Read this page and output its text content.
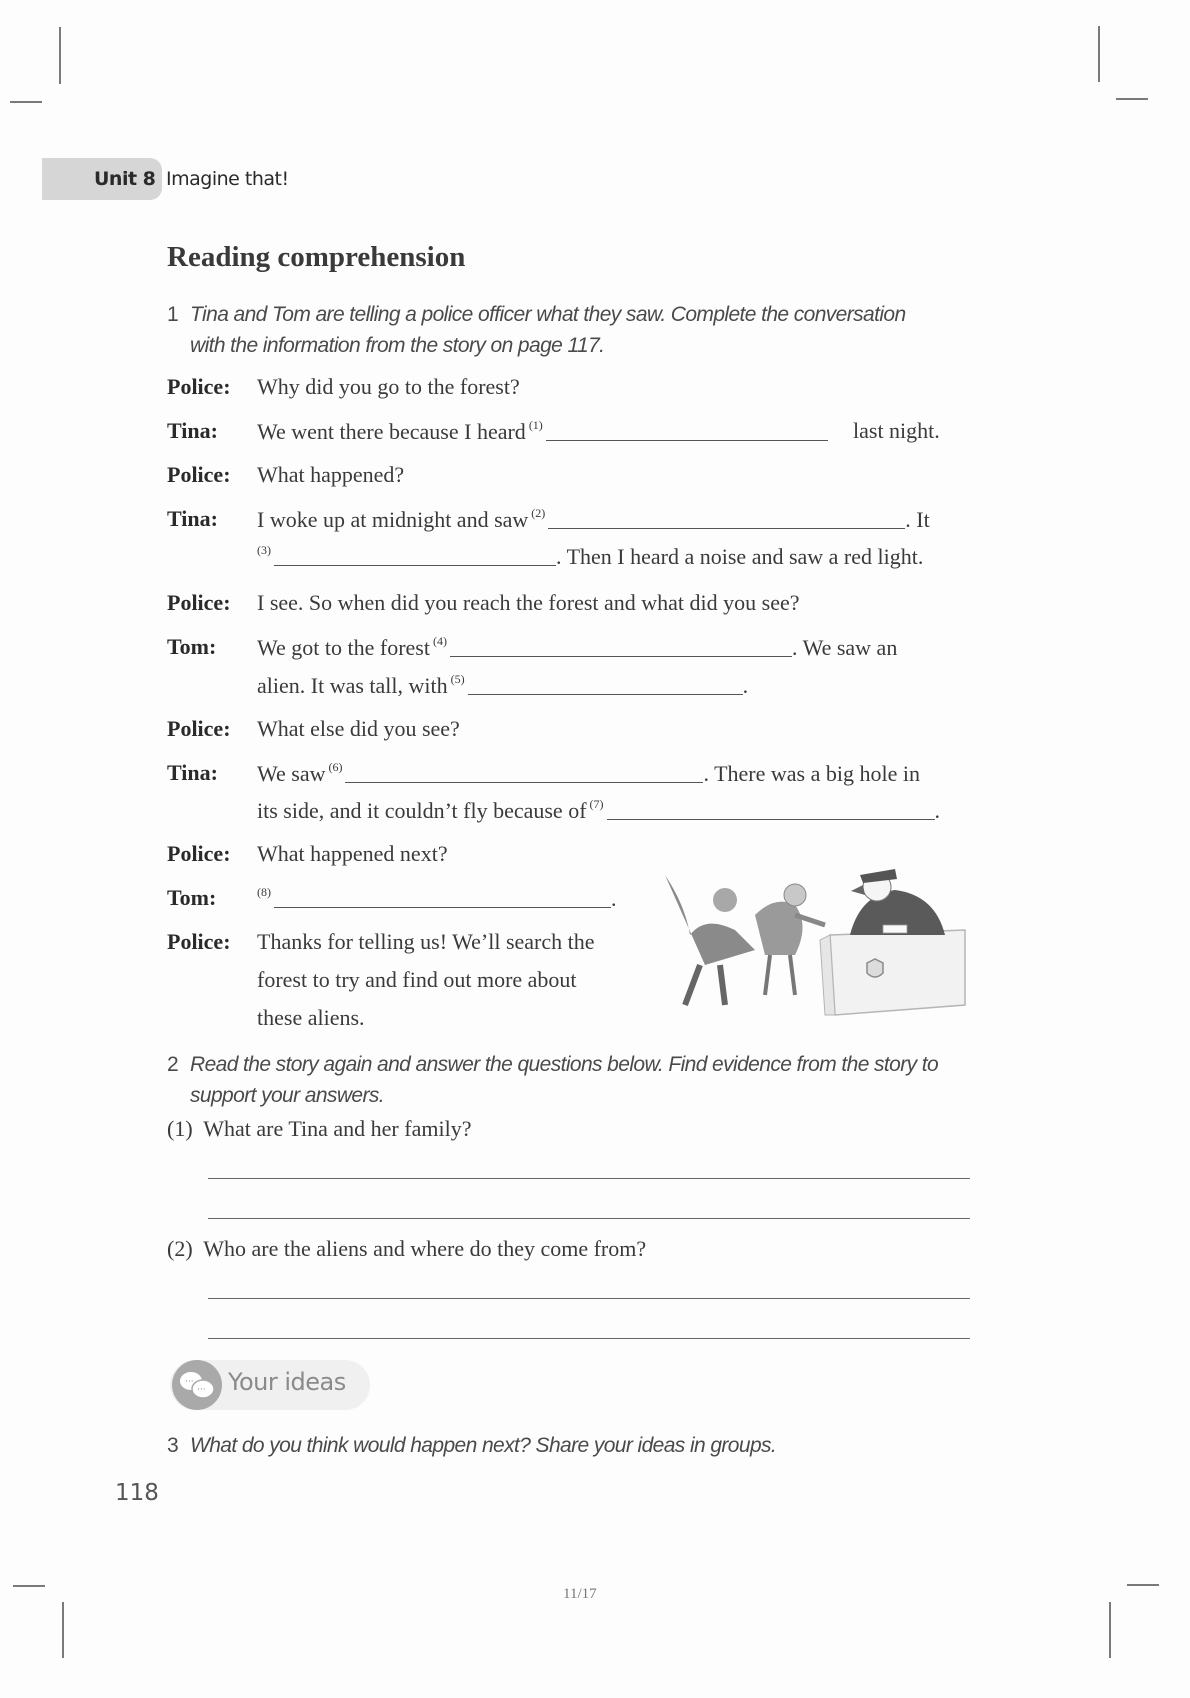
Unit 8 Imagine that!
Reading comprehension
1 Tina and Tom are telling a police officer what they saw. Complete the conversation
with the information from the story on page 117.
Police: Why did you go to the forest?
Tina: We went there because I heard $^{(1)}$	last night.
Police: What happened?
Tina: I woke up at midnight and saw $^{(2)}$	. It
$^{(3)}$	. Then I heard a noise and saw a red light.
Police: I see. So when did you reach the forest and what did you see?
Tom: We got to the forest $^{(4)}$	. We saw an
alien. It was tall, with $^{(5)}$	.
Police: What else did you see?
Tina: We saw $^{(6)}$	. There was a big hole in
its side, and it couldn’t fly because of $^{(7)}$	.
Police: What happened next?
Tom:	$^{(8)}$	.
Police: Thanks for telling us! We’ll search the
forest to try and find out more about
these aliens.
2 Read the story again and answer the questions below. Find evidence from the story to
support your answers.
(1) What are Tina and her family?
(2) Who are the aliens and where do they come from?
···
··· Your ideas
3 What do you think would happen next? Share your ideas in groups.
118
11/17
